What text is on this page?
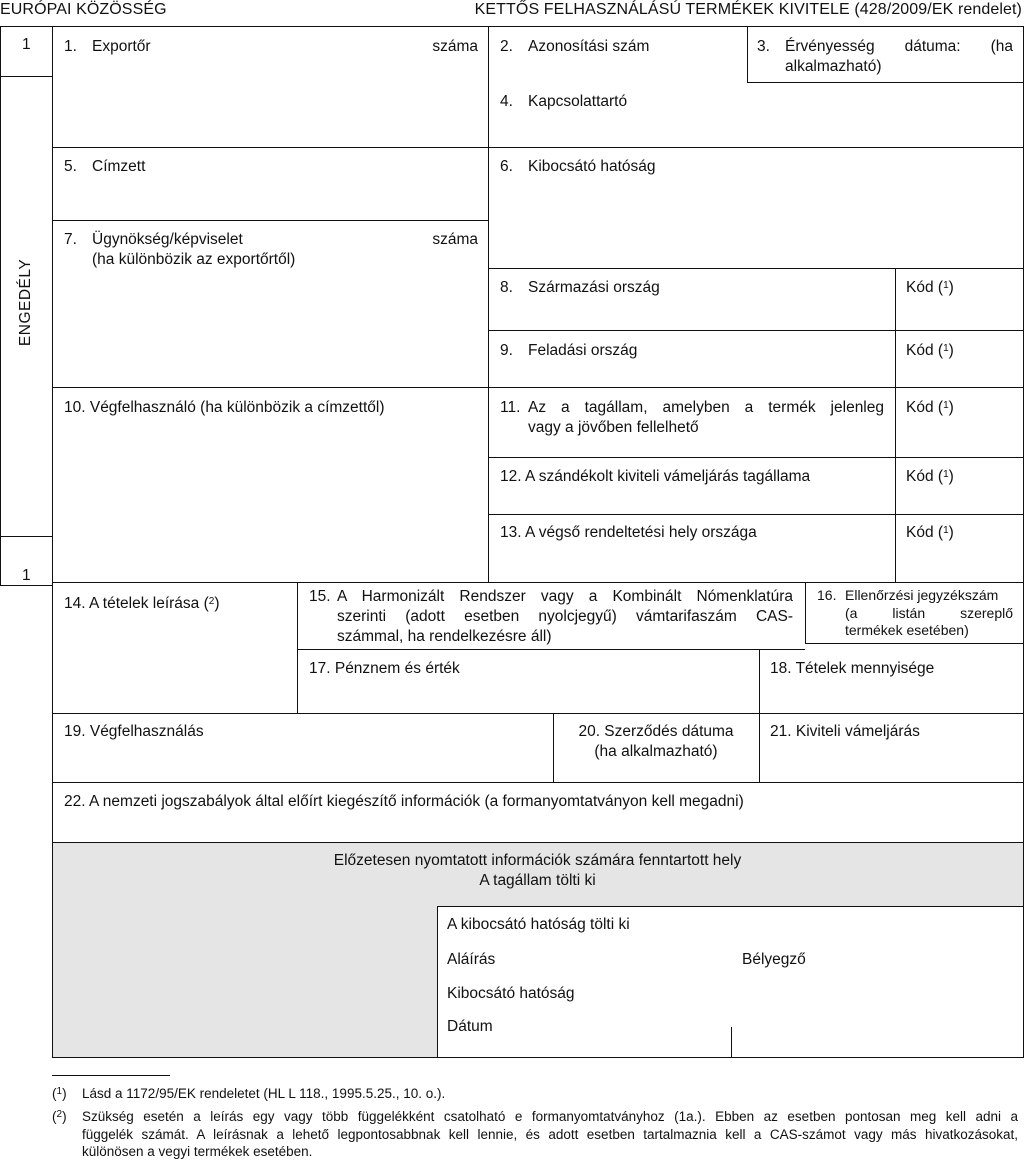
EURÓPAI KÖZÖSSÉG	KETTŐS FELHASZNÁLÁSÚ TERMÉKEK KIVITELE (428/2009/EK rendelet)
1
1
ENGEDÉLY
1. Exportőr	száma 2. Azonosítási szám	3. Érvényesség dátuma: (ha
alkalmazható)
4. Kapcsolattartó
5. Címzett	6. Kibocsátó hatóság
7. Ügynökség/képviselet	száma
(ha különbözik az exportőrtől)
8. Származási ország	Kód ($^1$)
9. Feladási ország	Kód ($^1$)
10. Végfelhasználó (ha különbözik a címzettől)	11. Az a tagállam, amelyben a termék jelenleg
vagy a jövőben fellelhető
Kód ($^1$)
12. A szándékolt kiviteli vámeljárás tagállama	Kód ($^1$)
13. A végső rendeltetési hely országa	Kód ($^1$)
14. A tételek leírása ($^2$)	15. A Harmonizált Rendszer vagy a Kombinált Nómenklatúra
szerinti (adott esetben nyolcjegyű) vámtarifaszám CAS-
számmal, ha rendelkezésre áll)
16. Ellenőrzési jegyzékszám
(a listán szereplő
termékek esetében)
17. Pénznem és érték	18. Tételek mennyisége
19. Végfelhasználás	20. Szerződés dátuma
(ha alkalmazható)
21. Kiviteli vámeljárás
22. A nemzeti jogszabályok által előírt kiegészítő információk (a formanyomtatványon kell megadni)
Előzetesen nyomtatott információk számára fenntartott hely
A tagállam tölti ki
A kibocsátó hatóság tölti ki
Aláírás	Bélyegző
Kibocsátó hatóság
Dátum
($^1$) Lásd a 1172/95/EK rendeletet (HL L 118., 1995.5.25., 10. o.).
($^2$)	Szükség esetén a leírás egy vagy több függelékként csatolható e formanyomtatványhoz (1a.). Ebben az esetben pontosan meg kell adni a
függelék számát. A leírásnak a lehető legpontosabbnak kell lennie, és adott esetben tartalmaznia kell a CAS-számot vagy más hivatkozásokat,
különösen a vegyi termékek esetében.
